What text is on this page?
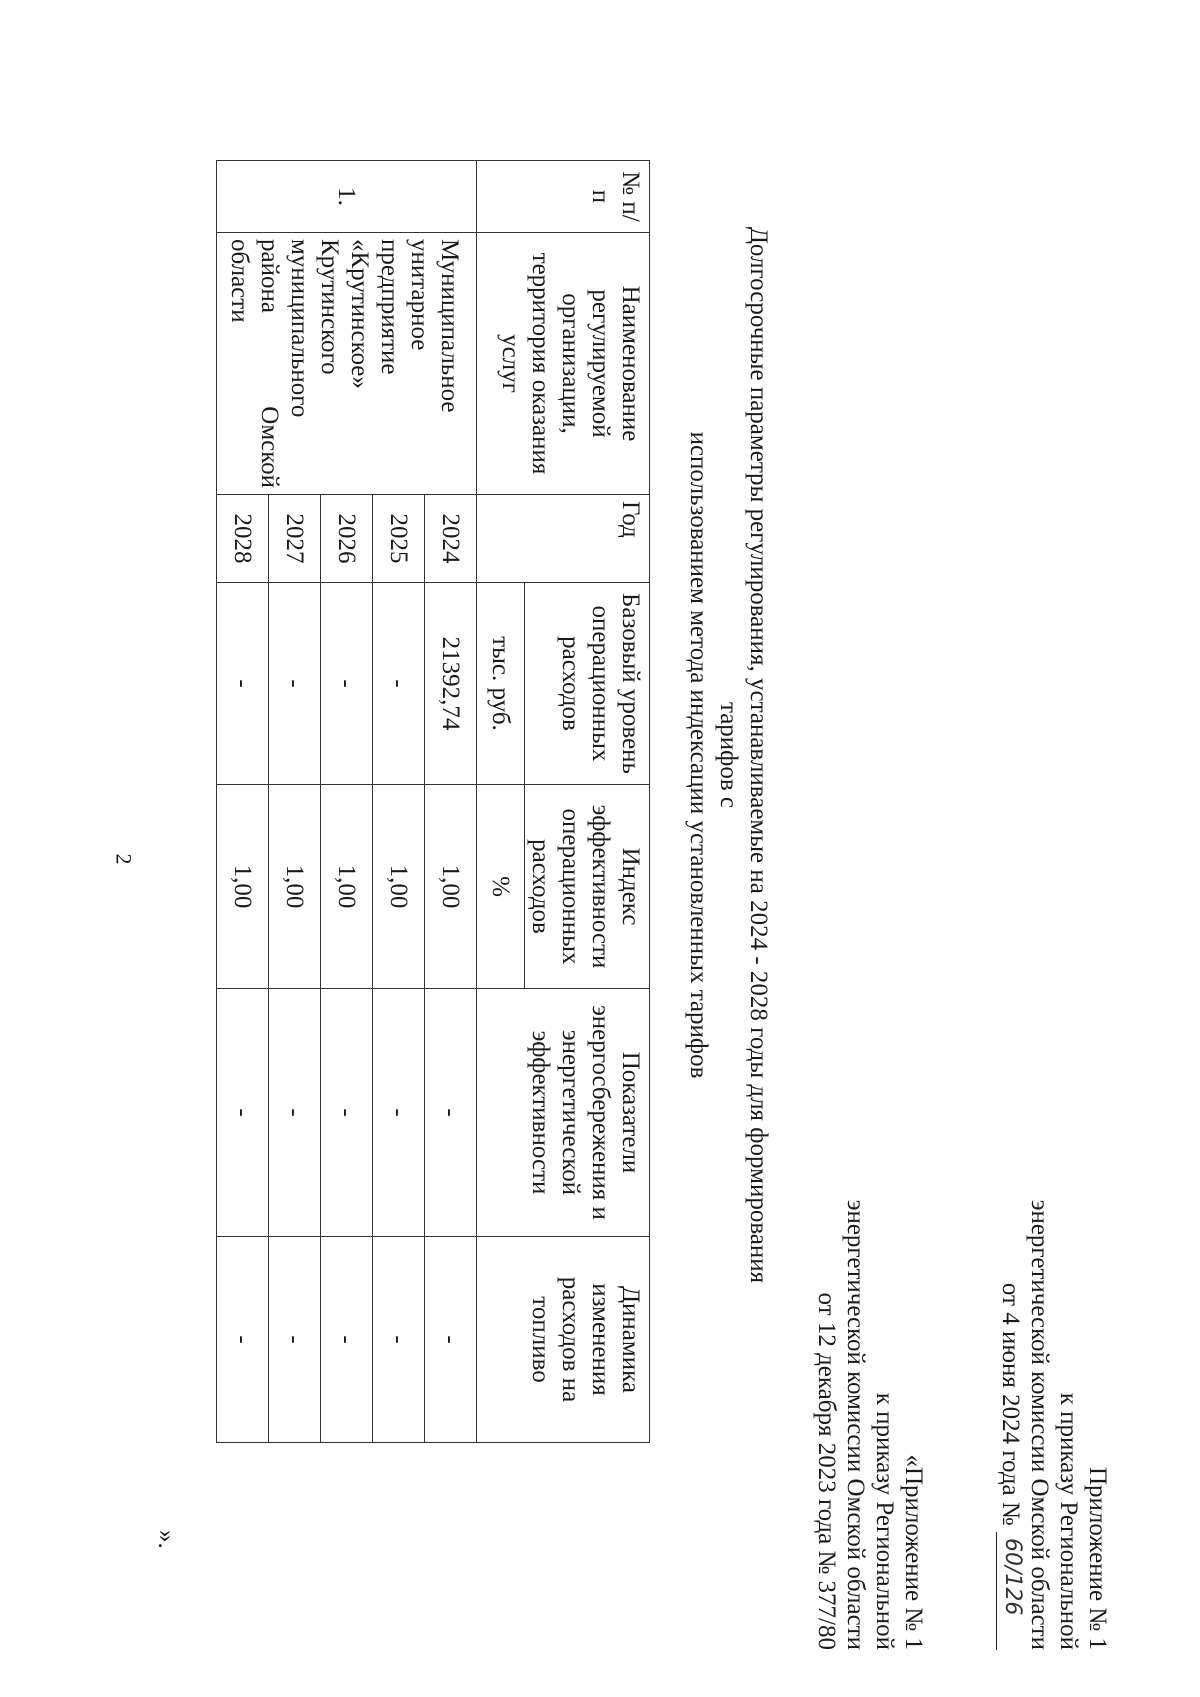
2
Приложение № 1
к приказу Региональной
энергетической комиссии Омской области
от 4 июня 2024 года №
60/126
«Приложение № 1
к приказу Региональной
энергетической комиссии Омской области
от 12 декабря 2023 года № 377/80
Долгосрочные параметры регулирования, устанавливаемые на 2024 - 2028 годы для формирования тарифов с
использованием метода индексации установленных тарифов
№ п/п	Наименование регулируемой организации, территория оказания услуг	Год	Базовый уровень операционных расходов	Индекс эффективности операционных расходов	Показатели энергосбережения и энергетической эффективности	Динамика изменения расходов на топливо
			тыс. руб.	%		
1.	Муниципальное унитарное предприятие «Крутинское» Крутинского муниципального района Омской области	2024	21392,74	1,00	-	-
		2025	-	1,00	-	-
		2026	-	1,00	-	-
		2027	-	1,00	-	-
		2028	-	1,00	-	-
».
